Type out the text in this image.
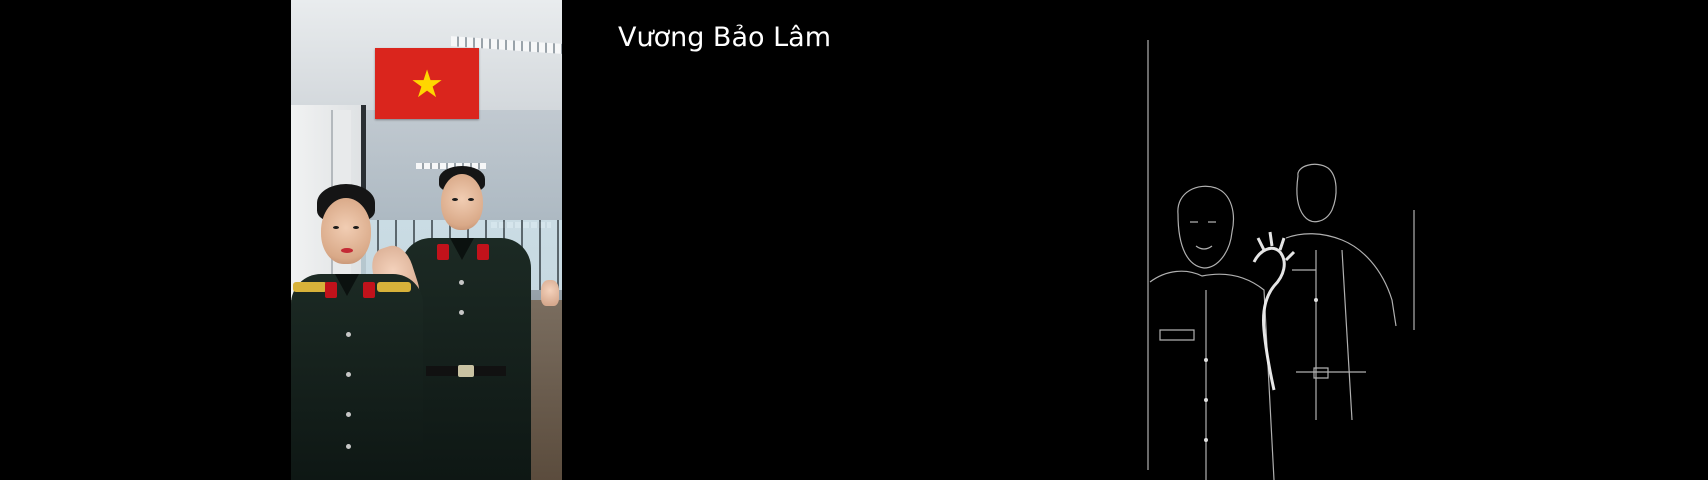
★
Vương Bảo Lâm
